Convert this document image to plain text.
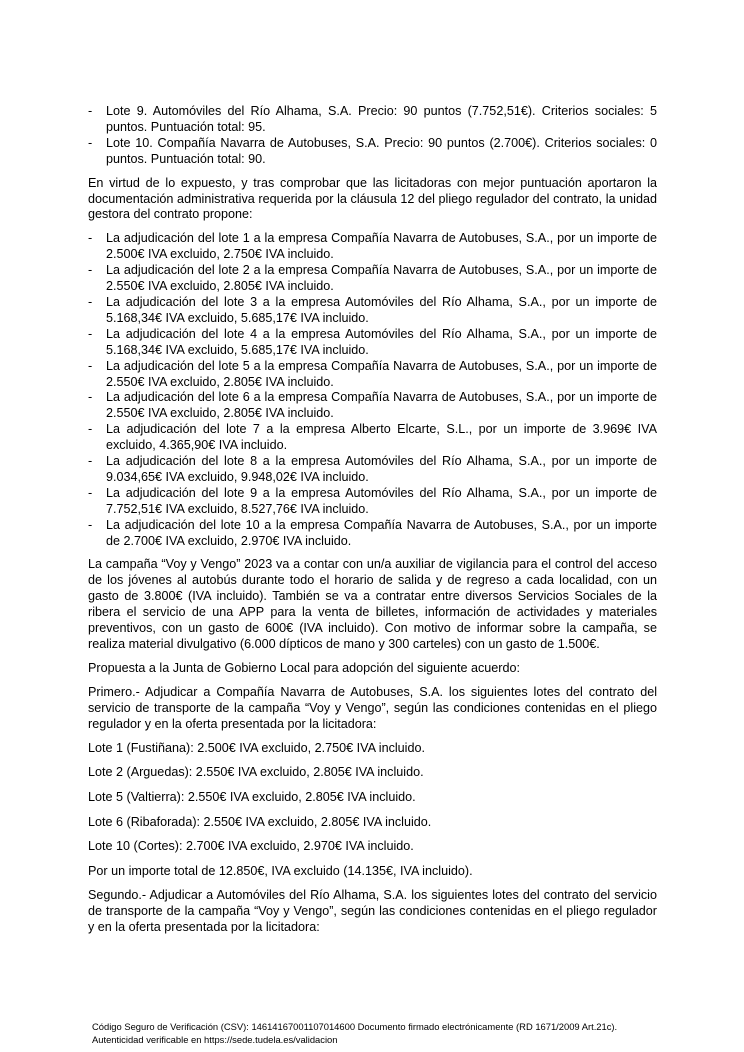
- Lote 9. Automóviles del Río Alhama, S.A. Precio: 90 puntos (7.752,51€). Criterios sociales: 5 puntos. Puntuación total: 95.
- Lote 10. Compañía Navarra de Autobuses, S.A. Precio: 90 puntos (2.700€). Criterios sociales: 0 puntos. Puntuación total: 90.

En virtud de lo expuesto, y tras comprobar que las licitadoras con mejor puntuación aportaron la documentación administrativa requerida por la cláusula 12 del pliego regulador del contrato, la unidad gestora del contrato propone:

- La adjudicación del lote 1 a la empresa Compañía Navarra de Autobuses, S.A., por un importe de 2.500€ IVA excluido, 2.750€ IVA incluido.
- La adjudicación del lote 2 a la empresa Compañía Navarra de Autobuses, S.A., por un importe de 2.550€ IVA excluido, 2.805€ IVA incluido.
- La adjudicación del lote 3 a la empresa Automóviles del Río Alhama, S.A., por un importe de 5.168,34€ IVA excluido, 5.685,17€ IVA incluido.
- La adjudicación del lote 4 a la empresa Automóviles del Río Alhama, S.A., por un importe de 5.168,34€ IVA excluido, 5.685,17€ IVA incluido.
- La adjudicación del lote 5 a la empresa Compañía Navarra de Autobuses, S.A., por un importe de 2.550€ IVA excluido, 2.805€ IVA incluido.
- La adjudicación del lote 6 a la empresa Compañía Navarra de Autobuses, S.A., por un importe de 2.550€ IVA excluido, 2.805€ IVA incluido.
- La adjudicación del lote 7 a la empresa Alberto Elcarte, S.L., por un importe de 3.969€ IVA excluido, 4.365,90€ IVA incluido.
- La adjudicación del lote 8 a la empresa Automóviles del Río Alhama, S.A., por un importe de 9.034,65€ IVA excluido, 9.948,02€ IVA incluido.
- La adjudicación del lote 9 a la empresa Automóviles del Río Alhama, S.A., por un importe de 7.752,51€ IVA excluido, 8.527,76€ IVA incluido.
- La adjudicación del lote 10 a la empresa Compañía Navarra de Autobuses, S.A., por un importe de 2.700€ IVA excluido, 2.970€ IVA incluido.

La campaña “Voy y Vengo” 2023 va a contar con un/a auxiliar de vigilancia para el control del acceso de los jóvenes al autobús durante todo el horario de salida y de regreso a cada localidad, con un gasto de 3.800€ (IVA incluido). También se va a contratar entre diversos Servicios Sociales de la ribera el servicio de una APP para la venta de billetes, información de actividades y materiales preventivos, con un gasto de 600€ (IVA incluido). Con motivo de informar sobre la campaña, se realiza material divulgativo (6.000 dípticos de mano y 300 carteles) con un gasto de 1.500€.

Propuesta a la Junta de Gobierno Local para adopción del siguiente acuerdo:

Primero.- Adjudicar a Compañía Navarra de Autobuses, S.A. los siguientes lotes del contrato del servicio de transporte de la campaña “Voy y Vengo”, según las condiciones contenidas en el pliego regulador y en la oferta presentada por la licitadora:

Lote 1 (Fustiñana): 2.500€ IVA excluido, 2.750€ IVA incluido.

Lote 2 (Arguedas): 2.550€ IVA excluido, 2.805€ IVA incluido.

Lote 5 (Valtierra): 2.550€ IVA excluido, 2.805€ IVA incluido.

Lote 6 (Ribaforada): 2.550€ IVA excluido, 2.805€ IVA incluido.

Lote 10 (Cortes): 2.700€ IVA excluido, 2.970€ IVA incluido.

Por un importe total de 12.850€, IVA excluido (14.135€, IVA incluido).

Segundo.- Adjudicar a Automóviles del Río Alhama, S.A. los siguientes lotes del contrato del servicio de transporte de la campaña “Voy y Vengo”, según las condiciones contenidas en el pliego regulador y en la oferta presentada por la licitadora:

Código Seguro de Verificación (CSV): 14614167001107014600 Documento firmado electrónicamente (RD 1671/2009 Art.21c).
Autenticidad verificable en https://sede.tudela.es/validacion
